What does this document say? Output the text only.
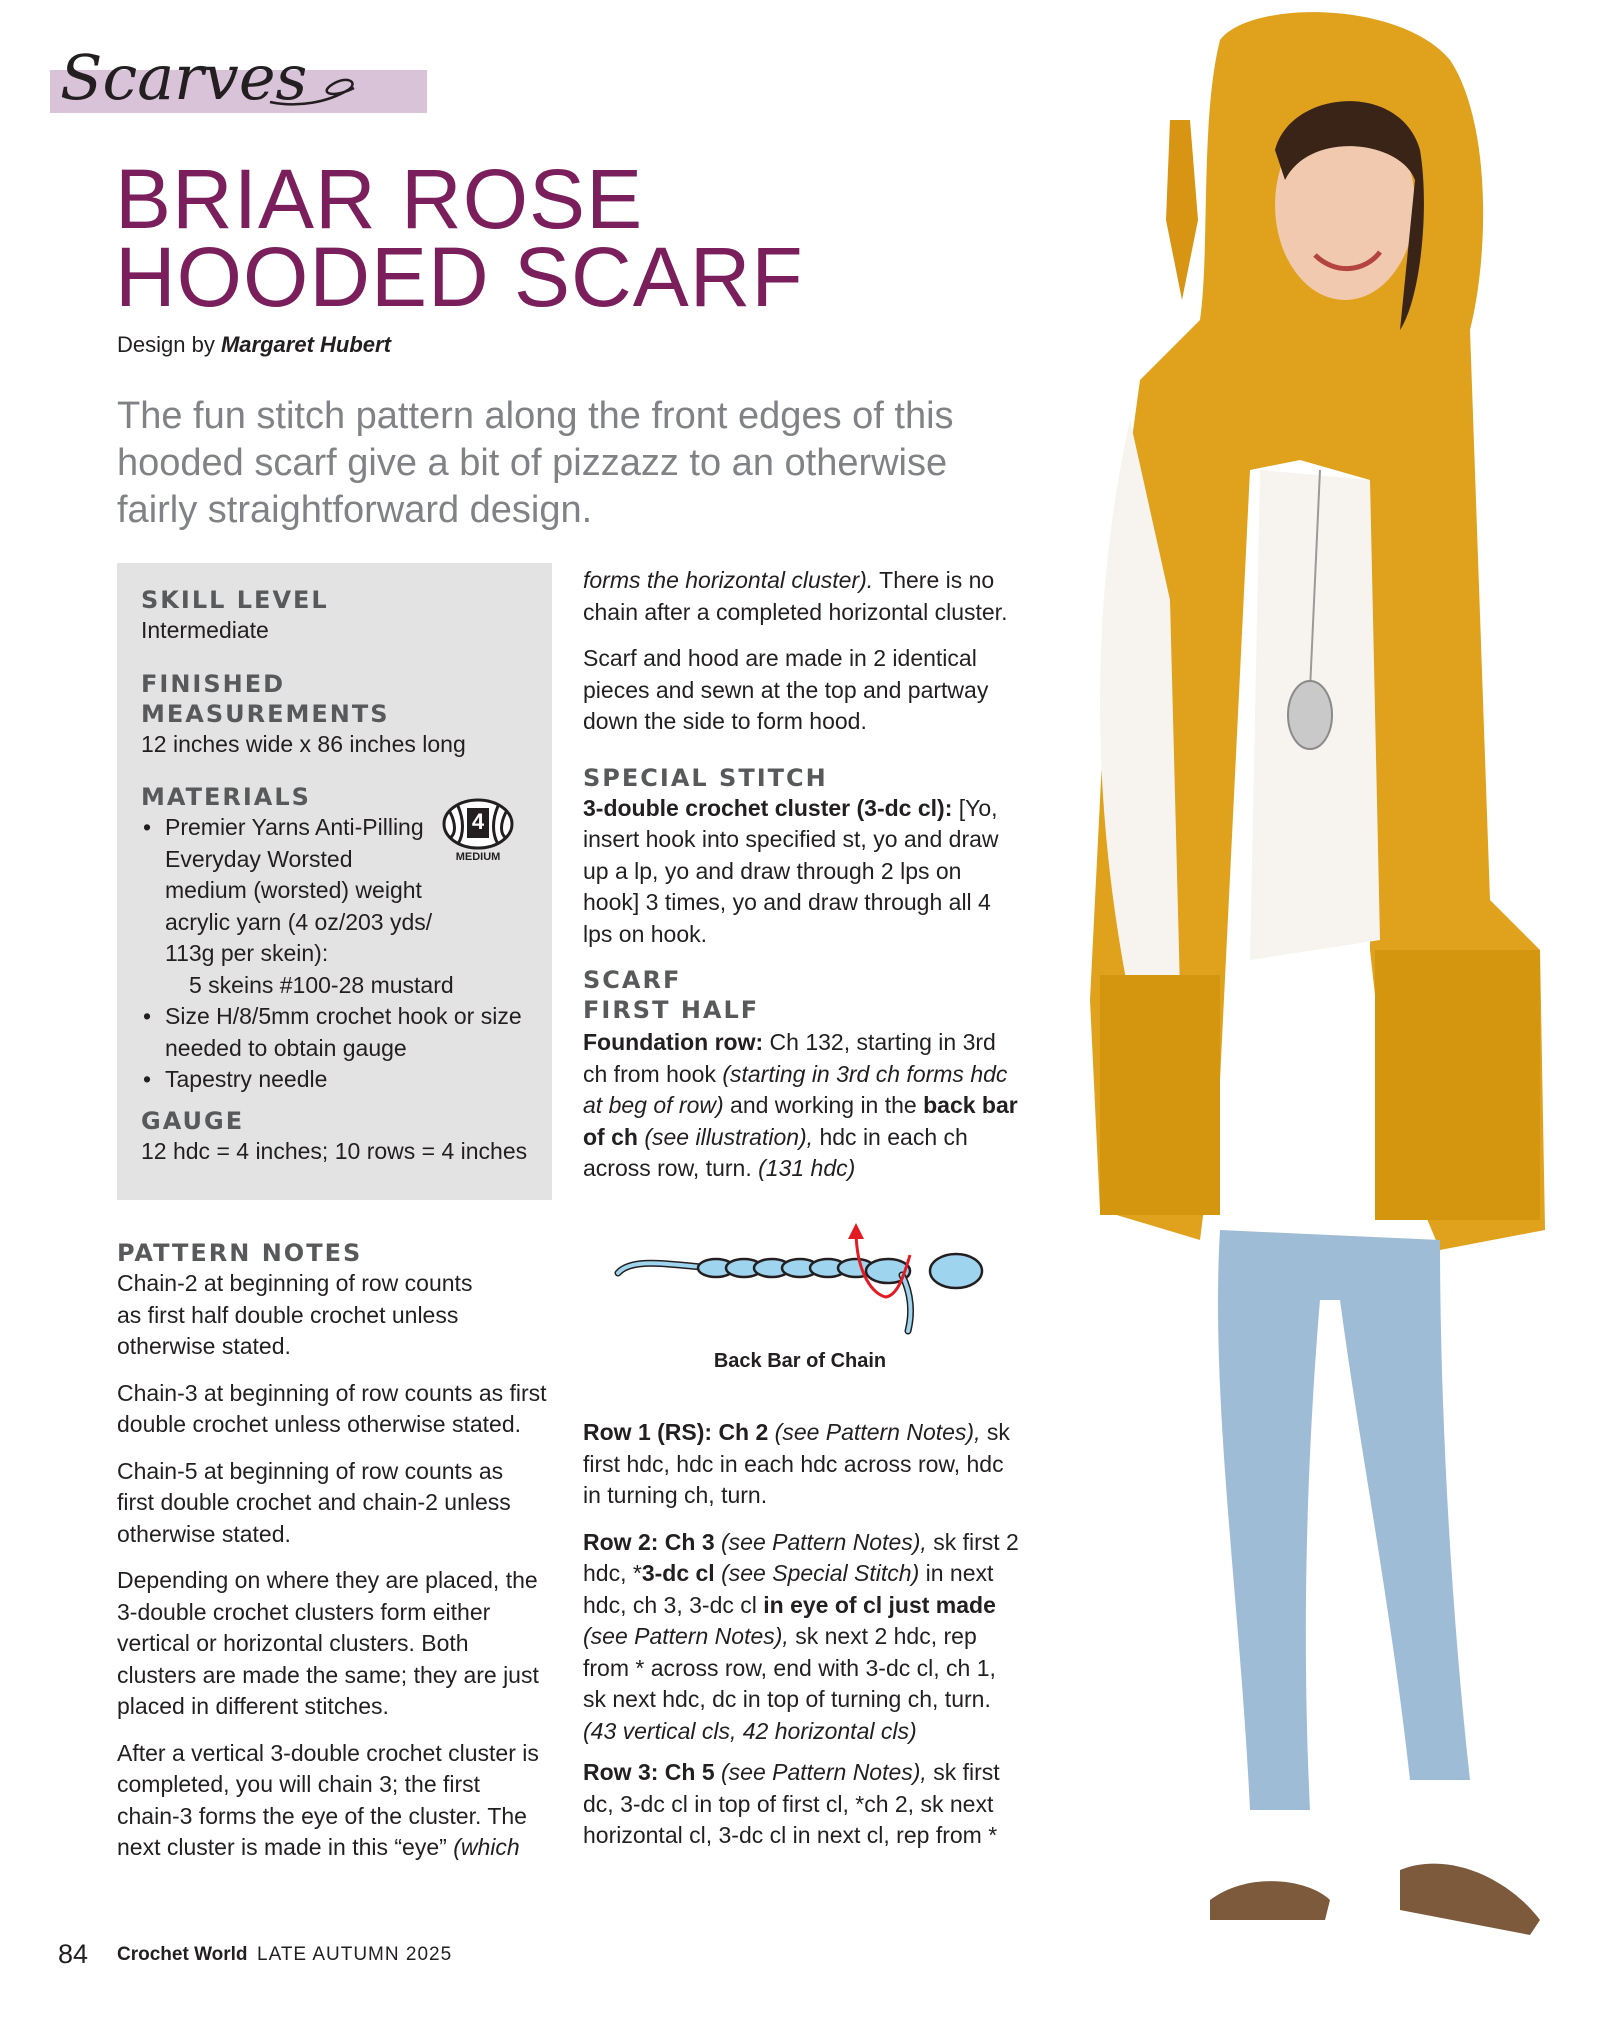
Scarves
BRIAR ROSE
HOODED SCARF
Design by Margaret Hubert

The fun stitch pattern along the front edges of this hooded scarf give a bit of pizzazz to an otherwise fairly straightforward design.

SKILL LEVEL
Intermediate
FINISHED MEASUREMENTS
12 inches wide x 86 inches long
MATERIALS
• Premier Yarns Anti-Pilling Everyday Worsted medium (worsted) weight acrylic yarn (4 oz/203 yds/ 113g per skein):
5 skeins #100-28 mustard
• Size H/8/5mm crochet hook or size needed to obtain gauge
• Tapestry needle
GAUGE
12 hdc = 4 inches; 10 rows = 4 inches
4
MEDIUM
PATTERN NOTES

Chain-2 at beginning of row counts as first half double crochet unless otherwise stated.

Chain-3 at beginning of row counts as first double crochet unless otherwise stated.

Chain-5 at beginning of row counts as first double crochet and chain-2 unless otherwise stated.

Depending on where they are placed, the 3-double crochet clusters form either vertical or horizontal clusters. Both clusters are made the same; they are just placed in different stitches.

After a vertical 3-double crochet cluster is completed, you will chain 3; the first chain-3 forms the eye of the cluster. The next cluster is made in this “eye” (which

forms the horizontal cluster). There is no chain after a completed horizontal cluster.

Scarf and hood are made in 2 identical pieces and sewn at the top and partway down the side to form hood.

SPECIAL STITCH

3-double crochet cluster (3-dc cl): [Yo, insert hook into specified st, yo and draw up a lp, yo and draw through 2 lps on hook] 3 times, yo and draw through all 4 lps on hook.

SCARF
FIRST HALF

Foundation row: Ch 132, starting in 3rd ch from hook (starting in 3rd ch forms hdc at beg of row) and working in the back bar of ch (see illustration), hdc in each ch across row, turn. (131 hdc)

Back Bar of Chain

Row 1 (RS): Ch 2 (see Pattern Notes), sk first hdc, hdc in each hdc across row, hdc in turning ch, turn.

Row 2: Ch 3 (see Pattern Notes), sk first 2 hdc, *3-dc cl (see Special Stitch) in next hdc, ch 3, 3-dc cl in eye of cl just made (see Pattern Notes), sk next 2 hdc, rep from * across row, end with 3-dc cl, ch 1, sk next hdc, dc in top of turning ch, turn.
(43 vertical cls, 42 horizontal cls)

Row 3: Ch 5 (see Pattern Notes), sk first dc, 3-dc cl in top of first cl, *ch 2, sk next horizontal cl, 3-dc cl in next cl, rep from *

84 Crochet World LATE AUTUMN 2025
